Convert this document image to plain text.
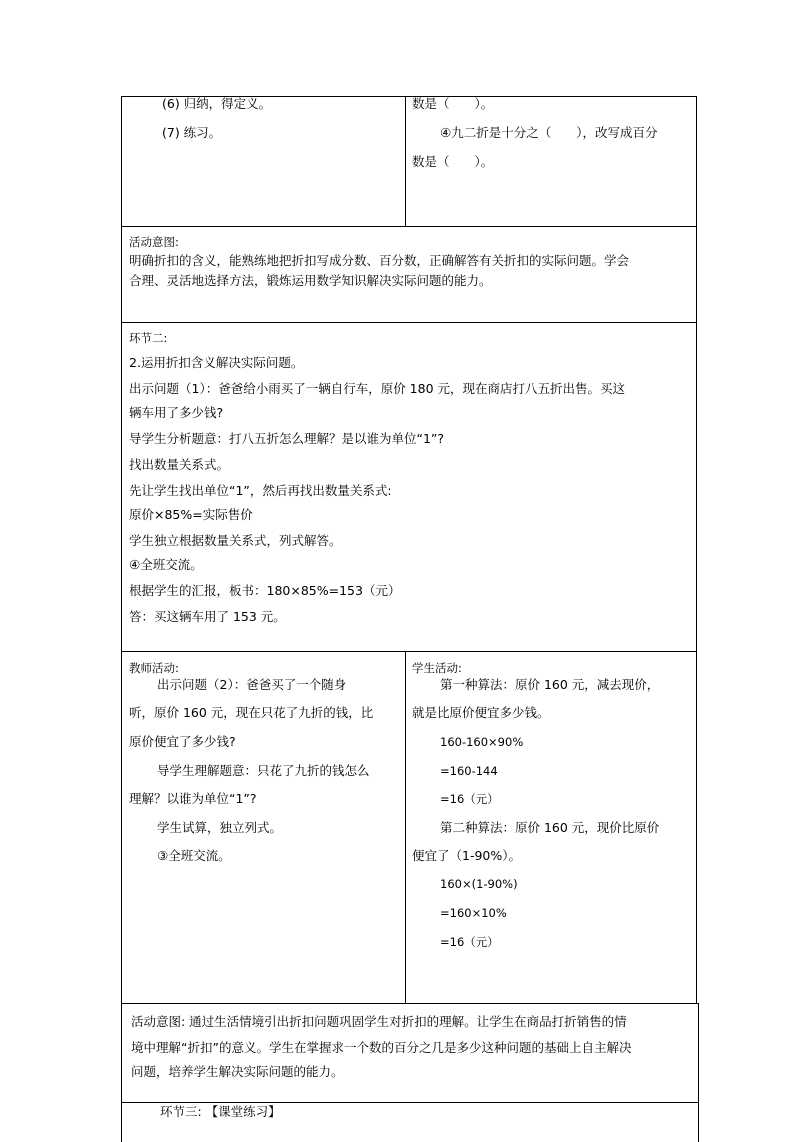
(6) 归纳，得定义。
(7) 练习。
数是（　　）。
④九二折是十分之（　　），改写成百分
数是（　　）。
活动意图:
明确折扣的含义，能熟练地把折扣写成分数、百分数，正确解答有关折扣的实际问题。学会
合理、灵活地选择方法，锻炼运用数学知识解决实际问题的能力。
环节二:
2.运用折扣含义解决实际问题。
出示问题（1）：爸爸给小雨买了一辆自行车，原价 180 元，现在商店打八五折出售。买这
辆车用了多少钱?
导学生分析题意：打八五折怎么理解？是以谁为单位“1”?
找出数量关系式。
先让学生找出单位“1”，然后再找出数量关系式:
原价×85%=实际售价
学生独立根据数量关系式，列式解答。
④全班交流。
根据学生的汇报，板书：180×85%=153（元）
答：买这辆车用了 153 元。
教师活动:
出示问题（2）：爸爸买了一个随身
听，原价 160 元，现在只花了九折的钱，比
原价便宜了多少钱?
导学生理解题意：只花了九折的钱怎么
理解？以谁为单位“1”?
学生试算，独立列式。
③全班交流。
学生活动:
第一种算法：原价 160 元，减去现价，
就是比原价便宜多少钱。
160-160×90%
=160-144
=16（元）
第二种算法：原价 160 元，现价比原价
便宜了（1-90%）。
160×(1-90%)
=160×10%
=16（元）
活动意图: 通过生活情境引出折扣问题巩固学生对折扣的理解。让学生在商品打折销售的情
境中理解“折扣”的意义。学生在掌握求一个数的百分之几是多少这种问题的基础上自主解决
问题，培养学生解决实际问题的能力。
环节三: 【课堂练习】
